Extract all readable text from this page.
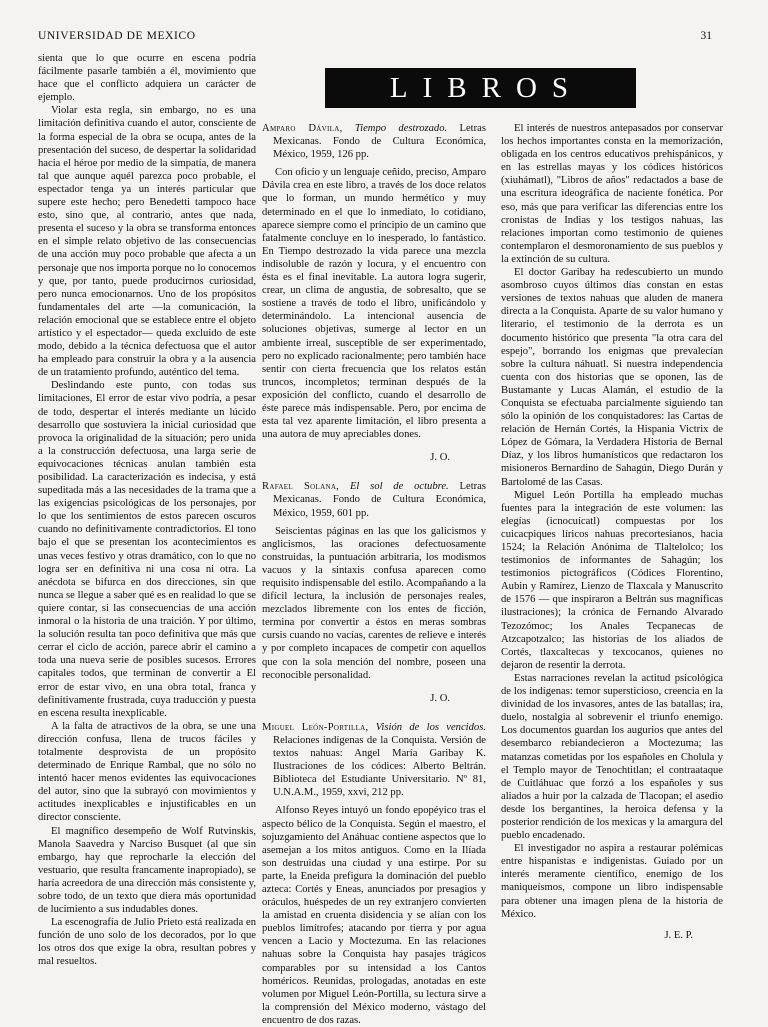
UNIVERSIDAD DE MEXICO	31
LIBROS

sienta que lo que ocurre en escena podría fácilmente pasarle también a él, movimiento que hace que el conflicto adquiera un carácter de ejemplo.

Violar esta regla, sin embargo, no es una limitación definitiva cuando el autor, consciente de la forma especial de la obra se ocupa, antes de la presentación del suceso, de despertar la solidaridad hacia el héroe por medio de la simpatía, de manera tal que aunque aquél parezca poco probable, el espectador tenga ya un interés particular que supere este hecho; pero Benedetti tampoco hace esto, sino que, al contrario, antes que nada, presenta el suceso y la obra se transforma entonces en el simple relato objetivo de las consecuencias de una acción muy poco probable que afecta a un personaje que nos importa porque no lo conocemos y que, por tanto, puede producirnos curiosidad, pero nunca emocionarnos. Uno de los propósitos fundamentales del arte —la comunicación, la relación emocional que se establece entre el objeto artístico y el espectador— queda excluido de este modo, debido a la técnica defectuosa que el autor ha empleado para construir la obra y a la ausencia de un tratamiento profundo, auténtico del tema.

Deslindando este punto, con todas sus limitaciones, El error de estar vivo podría, a pesar de todo, despertar el interés mediante un lúcido desarrollo que sostuviera la inicial curiosidad que provoca la originalidad de la situación; pero unida a la construcción defectuosa, una larga serie de equivocaciones técnicas anulan también esta posibilidad. La caracterización es indecisa, y está supeditada más a las necesidades de la trama que a las exigencias psicológicas de los personajes, por lo que los sentimientos de estos parecen oscuros cuando no definitivamente contradictorios. El tono bajo el que se presentan los acontecimientos es unas veces festivo y otras dramático, con lo que no logra ser en definitiva ni una cosa ni otra. La anécdota se bifurca en dos direcciones, sin que nunca se llegue a saber qué es en realidad lo que se quiere contar, si las consecuencias de una acción inmoral o la historia de una traición. Y por último, la solución resulta tan poco definitiva que más que cerrar el ciclo de acción, parece abrir el camino a toda una nueva serie de posibles sucesos. Errores capitales todos, que terminan de convertir a El error de estar vivo, en una obra total, franca y definitivamente frustrada, cuya traducción y puesta en escena resulta inexplicable.

A la falta de atractivos de la obra, se une una dirección confusa, llena de trucos fáciles y totalmente desprovista de un propósito determinado de Enrique Rambal, que no sólo no intentó hacer menos evidentes las equivocaciones del autor, sino que la subrayó con movimientos y actitudes inexplicables e injustificables en un director consciente.

El magnífico desempeño de Wolf Rutvinskis, Manola Saavedra y Narciso Busquet (al que sin embargo, hay que reprocharle la elección del vestuario, que resulta francamente inapropiado), se haría acreedora de una dirección más consistente y, sobre todo, de un texto que diera más oportunidad de lucimiento a sus indudables dones.

La escenografía de Julio Prieto está realizada en función de uno solo de los decorados, por lo que los otros dos que exige la obra, resultan pobres y mal resueltos.

Amparo Dávila, Tiempo destrozado. Letras Mexicanas. Fondo de Cultura Económica, México, 1959, 126 pp.

Con oficio y un lenguaje ceñido, preciso, Amparo Dávila crea en este libro, a través de los doce relatos que lo forman, un mundo hermético y muy determinado en el que lo inmediato, lo cotidiano, aparece siempre como el principio de un camino que fatalmente concluye en lo inesperado, lo fantástico. En Tiempo destrozado la vida parece una mezcla indisoluble de razón y locura, y el encuentro con ésta es el final inevitable. La autora logra sugerir, crear, un clima de angustia, de sobresalto, que se sostiene a través de todo el libro, unificándolo y determinándolo. La intencional ausencia de soluciones objetivas, sumerge al lector en un ambiente irreal, susceptible de ser experimentado, pero no explicado racionalmente; pero también hace sentir con cierta frecuencia que los relatos están truncos, incompletos; terminan después de la exposición del conflicto, cuando el desarrollo de éste parece más indispensable. Pero, por encima de esta tal vez aparente limitación, el libro presenta a una autora de muy apreciables dones.

J. O.

Rafael Solana, El sol de octubre. Letras Mexicanas. Fondo de Cultura Económica, México, 1959, 601 pp.

Seiscientas páginas en las que los galicismos y anglicismos, las oraciones defectuosamente construidas, la puntuación arbitraria, los modismos vacuos y la sintaxis confusa aparecen como requisito indispensable del estilo. Acompañando a la difícil lectura, la inclusión de personajes reales, mezclados libremente con los entes de ficción, termina por convertir a éstos en meras sombras cursis cuando no vacías, carentes de relieve e interés y por completo incapaces de competir con aquellos que con la sola mención del nombre, poseen una reconocible personalidad.

J. O.

Miguel León-Portilla, Visión de los vencidos. Relaciones indígenas de la Conquista. Versión de textos nahuas: Angel María Garibay K. Ilustraciones de los códices: Alberto Beltrán. Biblioteca del Estudiante Universitario. Nº 81, U.N.A.M., 1959, xxvi, 212 pp.

Alfonso Reyes intuyó un fondo epopéyico tras el aspecto bélico de la Conquista. Según el maestro, el sojuzgamiento del Anáhuac contiene aspectos que lo asemejan a los mitos antiguos. Como en la Ilíada son destruidas una ciudad y una estirpe. Por su parte, la Eneida prefigura la dominación del pueblo azteca: Cortés y Eneas, anunciados por presagios y oráculos, huéspedes de un rey extranjero convierten la amistad en cruenta disidencia y se alían con los pueblos limítrofes; atacando por tierra y por agua vencen a Lacio y Moctezuma. En las relaciones nahuas sobre la Conquista hay pasajes trágicos comparables por su intensidad a los Cantos homéricos. Reunidas, prologadas, anotadas en este volumen por Miguel León-Portilla, su lectura sirve a la comprensión del México moderno, vástago del encuentro de dos razas.

El interés de nuestros antepasados por conservar los hechos importantes consta en la memorización, obligada en los centros educativos prehispánicos, y en las estrellas mayas y los códices históricos (xiuhámatl), "Libros de años" redactados a base de una escritura ideográfica de naciente fonética. Por eso, más que para verificar las diferencias entre los cronistas de Indias y los testigos nahuas, las relaciones importan como testimonio de quienes contemplaron el desmoronamiento de sus pueblos y la extinción de su cultura.

El doctor Garibay ha redescubierto un mundo asombroso cuyos últimos días constan en estas versiones de textos nahuas que aluden de manera directa a la Conquista. Aparte de su valor humano y literario, el testimonio de la derrota es un documento histórico que presenta "la otra cara del espejo", borrando los enigmas que prevalecían sobre la cultura náhuatl. Si nuestra independencia cuenta con dos historias que se oponen, las de Bustamante y Lucas Alamán, el estudio de la Conquista se efectuaba parcialmente siguiendo tan sólo la opinión de los conquistadores: las Cartas de relación de Hernán Cortés, la Hispania Victrix de López de Gómara, la Verdadera Historia de Bernal Díaz, y los libros humanísticos que redactaron los misioneros Bernardino de Sahagún, Diego Durán y Bartolomé de las Casas.

Miguel León Portilla ha empleado muchas fuentes para la integración de este volumen: las elegías (icnocuícatl) compuestas por los cuicacpiques líricos nahuas precortesianos, hacia 1524; la Relación Anónima de Tlaltelolco; los testimonios de informantes de Sahagún; los testimonios pictográficos (Códices Florentino, Aubin y Ramírez, Lienzo de Tlaxcala y Manuscrito de 1576 — que inspiraron a Beltrán sus magníficas ilustraciones); la crónica de Fernando Alvarado Tezozómoc; los Anales Tecpanecas de Atzcapotzalco; las historias de los aliados de Cortés, tlaxcaltecas y texcocanos, quienes no dejaron de resentir la derrota.

Estas narraciones revelan la actitud psicológica de los indígenas: temor supersticioso, creencia en la divinidad de los invasores, antes de las batallas; ira, duelo, nostalgia al sobrevenir el triunfo enemigo. Los documentos guardan los augurios que antes del desembarco rebiandecieron a Moctezuma; las matanzas cometidas por los españoles en Cholula y el Templo mayor de Tenochtitlan; el contraataque de Cuitláhuac que forzó a los españoles y sus aliados a huir por la calzada de Tlacopan; el asedio desde los bergantines, la heroica defensa y la posterior rendición de los mexicas y la amargura del pueblo encadenado.

El investigador no aspira a restaurar polémicas entre hispanistas e indigenistas. Guiado por un interés meramente científico, enemigo de los maniqueísmos, compone un libro indispensable para obtener una imagen plena de la historia de México.

J. E. P.
